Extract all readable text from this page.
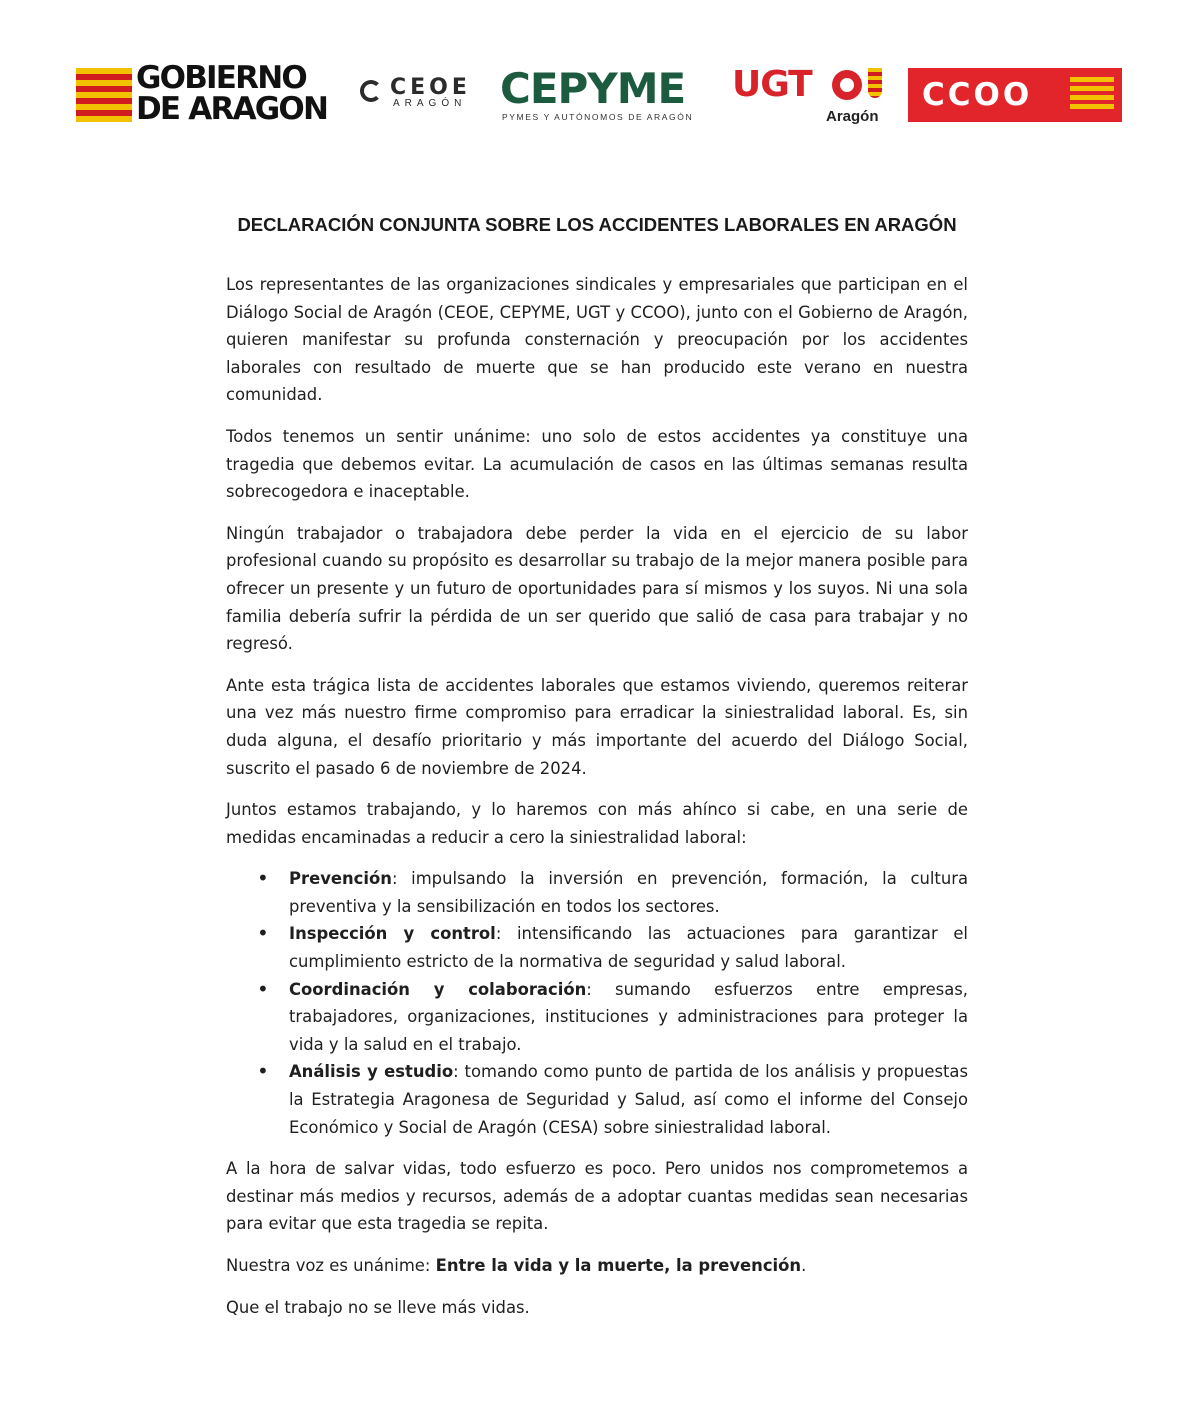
GOBIERNO
DE ARAGON
CEOE
ARAGÓN CEPYME
PYMES Y AUTÓNOMOS DE ARAGÓN
UGT
Aragón
CCOO
DECLARACIÓN CONJUNTA SOBRE LOS ACCIDENTES LABORALES EN ARAGÓN

Los representantes de las organizaciones sindicales y empresariales que participan en el Diálogo Social de Aragón (CEOE, CEPYME, UGT y CCOO), junto con el Gobierno de Aragón, quieren manifestar su profunda consternación y preocupación por los accidentes laborales con resultado de muerte que se han producido este verano en nuestra comunidad.

Todos tenemos un sentir unánime: uno solo de estos accidentes ya constituye una tragedia que debemos evitar. La acumulación de casos en las últimas semanas resulta sobrecogedora e inaceptable.

Ningún trabajador o trabajadora debe perder la vida en el ejercicio de su labor profesional cuando su propósito es desarrollar su trabajo de la mejor manera posible para ofrecer un presente y un futuro de oportunidades para sí mismos y los suyos. Ni una sola familia debería sufrir la pérdida de un ser querido que salió de casa para trabajar y no regresó.

Ante esta trágica lista de accidentes laborales que estamos viviendo, queremos reiterar una vez más nuestro firme compromiso para erradicar la siniestralidad laboral. Es, sin duda alguna, el desafío prioritario y más importante del acuerdo del Diálogo Social, suscrito el pasado 6 de noviembre de 2024.

Juntos estamos trabajando, y lo haremos con más ahínco si cabe, en una serie de medidas encaminadas a reducir a cero la siniestralidad laboral:

• Prevención: impulsando la inversión en prevención, formación, la cultura preventiva y la sensibilización en todos los sectores.
• Inspección y control: intensificando las actuaciones para garantizar el cumplimiento estricto de la normativa de seguridad y salud laboral.
• Coordinación y colaboración: sumando esfuerzos entre empresas, trabajadores, organizaciones, instituciones y administraciones para proteger la vida y la salud en el trabajo.
• Análisis y estudio: tomando como punto de partida de los análisis y propuestas la Estrategia Aragonesa de Seguridad y Salud, así como el informe del Consejo Económico y Social de Aragón (CESA) sobre siniestralidad laboral.

A la hora de salvar vidas, todo esfuerzo es poco. Pero unidos nos comprometemos a destinar más medios y recursos, además de a adoptar cuantas medidas sean necesarias para evitar que esta tragedia se repita.

Nuestra voz es unánime: Entre la vida y la muerte, la prevención.

Que el trabajo no se lleve más vidas.
